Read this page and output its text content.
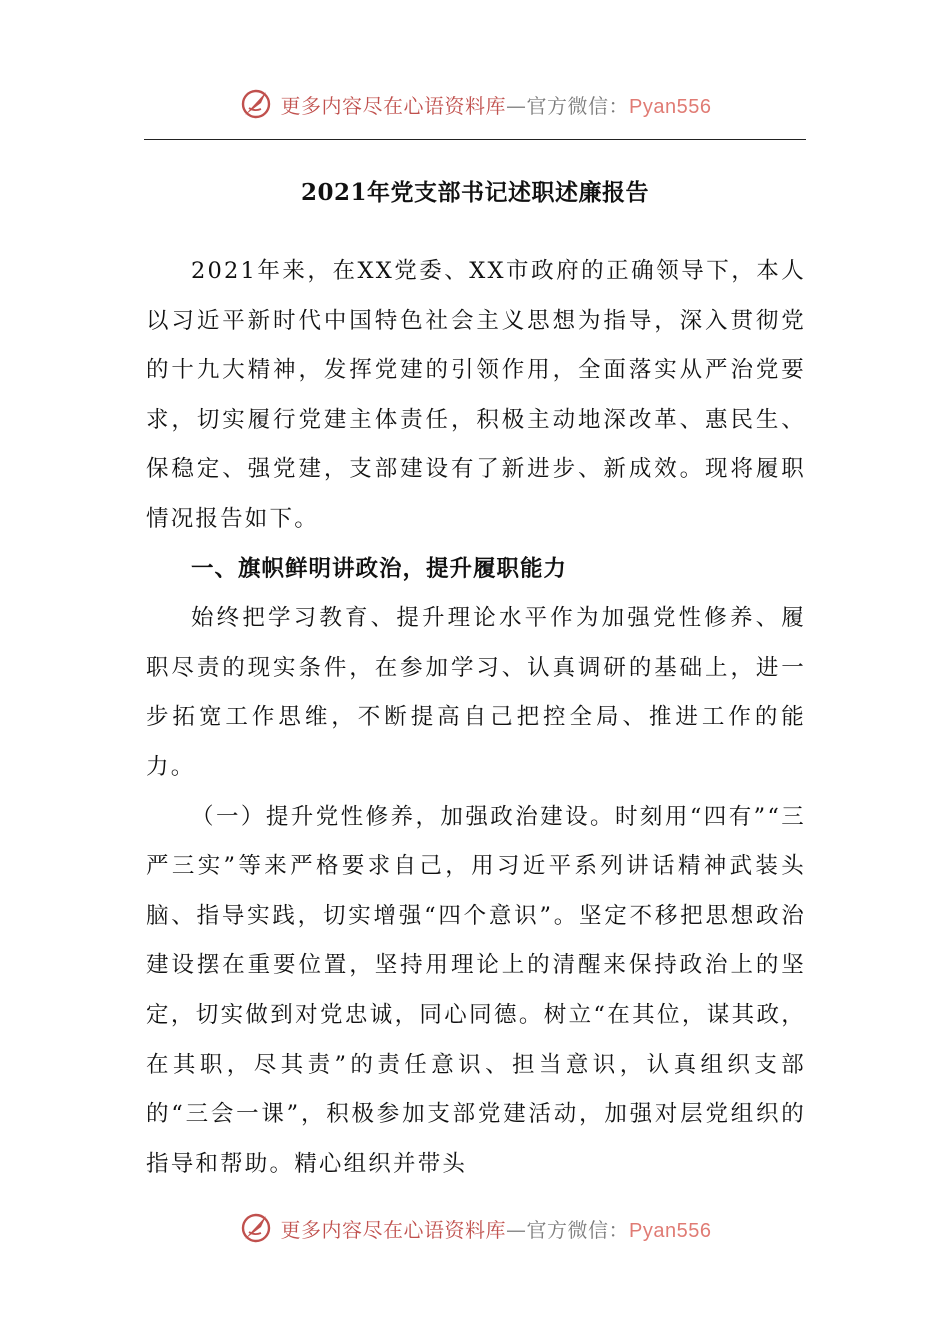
更多内容尽在心语资料库—官方微信：Pyan556
2021年党支部书记述职述廉报告

2021年来，在XX党委、XX市政府的正确领导下，本人以习近平新时代中国特色社会主义思想为指导，深入贯彻党的十九大精神，发挥党建的引领作用，全面落实从严治党要求，切实履行党建主体责任，积极主动地深改革、惠民生、保稳定、强党建，支部建设有了新进步、新成效。现将履职情况报告如下。

一、旗帜鲜明讲政治，提升履职能力

始终把学习教育、提升理论水平作为加强党性修养、履职尽责的现实条件，在参加学习、认真调研的基础上，进一步拓宽工作思维，不断提高自己把控全局、推进工作的能力。

（一）提升党性修养，加强政治建设。时刻用“四有”“三严三实”等来严格要求自己，用习近平系列讲话精神武装头脑、指导实践，切实增强“四个意识”。坚定不移把思想政治建设摆在重要位置，坚持用理论上的清醒来保持政治上的坚定，切实做到对党忠诚，同心同德。树立“在其位，谋其政，在其职，尽其责”的责任意识、担当意识，认真组织支部的“三会一课”，积极参加支部党建活动，加强对层党组织的指导和帮助。精心组织并带头

更多内容尽在心语资料库—官方微信：Pyan556
